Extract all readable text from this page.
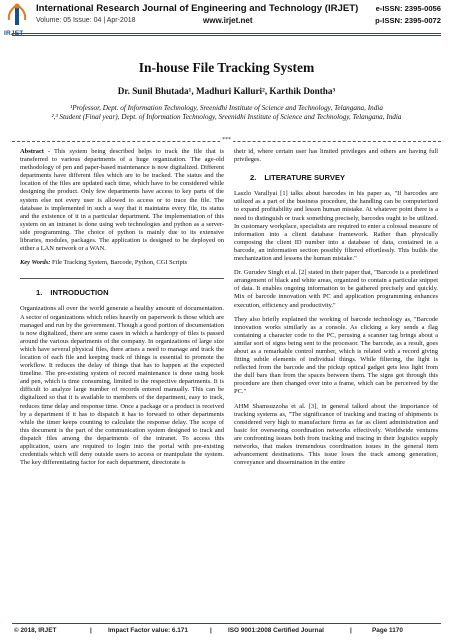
IRJET
International Research Journal of Engineering and Technology (IRJET)
Volume: 05 Issue: 04 | Apr-2018	www.irjet.net
e-ISSN: 2395-0056
p-ISSN: 2395-0072
In-house File Tracking System
Dr. Sunil Bhutada¹, Madhuri Kalluri², Karthik Dontha³
¹Professor, Dept. of Information Technology, Sreenidhi Institute of Science and Technology, Telangana, India
²,³ Student (Final year), Dept. of Information Technology, Sreenidhi Institute of Science and Technology, Telangana, India
***

Abstract - This system being described helps to track the file that is transferred to various departments of a huge organization. The age-old methodology of pen and paper-based maintenance is now digitalized. Different departments have different files which are to be tracked. The status and the location of the files are updated each time, which have to be considered while designing the product. Only few departments have access to key parts of the system else not every user is allowed to access or to trace the file. The database is implemented in such a way that it maintains every file, its status and the existence of it in a particular department. The implementation of this system on an intranet is done using web technologies and python as a server-side programming. The choice of python is mainly due to its extensive libraries, modules, packages. The application is designed to be deployed on either a LAN network or a WAN.

Key Words: File Tracking System, Barcode, Python, CGI Scripts

1. INTRODUCTION

Organizations all over the world generate a healthy amount of documentation. A sector of organizations which relies heavily on paperwork is those which are managed and run by the government. Though a good portion of documentation is now digitalized, there are some cases in which a hardcopy of files is passed around the various departments of the company. In organizations of large size which have several physical files, there arises a need to manage and track the location of each file and keeping track of things is essential to promote the workflow. It reduces the delay of things that has to happen at the expected timeline. The pre-existing system of record maintenance is done using book and pen, which is time consuming, limited to the respective departments. It is difficult to analyze large number of records entered manually. This can be digitalized so that it is available to members of the department, easy to track, reduces time delay and response time. Once a package or a product is received by a department if it has to dispatch it has to forward to other departments while the timer keeps counting to calculate the response delay. The scope of this document is the part of the communication system designed to track and dispatch files among the departments of the intranet. To access this application, users are required to login into the portal with pre-existing credentials which will deny outside users to access or manipulate the system. The key differentiating factor for each department, directorate is

their id, where certain user has limited privileges and others are having full privileges.

2. LITERATURE SURVEY

Laszlo Varallyai [1] talks about barcodes in his paper as, "If barcodes are utilized as a part of the business procedure, the handling can be computerized to expand profitability and lessen human mistake. At whatever point there is a need to distinguish or track something precisely, barcodes ought to be utilized. In customary workplace, specialists are required to enter a colossal measure of information into a client database framework. Rather than physically composing the client ID number into a database of data, contained in a barcode, an information section possibly filtered effortlessly. This builds the mechanization and lessens the human mistake."

Dr. Gurudev Singh et al. [2] stated in their paper that, "Barcode is a predefined arrangement of black and white areas, organized to contain a particular snippet of data. It enables ongoing information to be gathered precisely and quickly. Mix of barcode innovation with PC and application programming enhances execution, efficiency and productivity."

They also briefly explained the working of barcode technology as, "Barcode innovation works similarly as a console. As clicking a key sends a flag containing a character code to the PC, perusing a scanner tag brings about a similar sort of signs being sent to the processor. The barcode, as a result, goes about as a remarkable control number, which is related with a record giving fitting subtle elements of individual things. While filtering, the light is reflected from the barcode and the pickup optical gadget gets less light from the dull bars than from the spaces between them. The signs got through this procedure are then changed over into a frame, which can be perceived by the PC."

AHM Shamsuzzoha et al. [3], in general talked about the importance of tracking systems as, "The significance of tracking and tracing of shipments is considered very high to manufacture firms as far as client administration and basic for overseeing coordination networks effectively. Worldwide ventures are confronting issues both from tracking and tracing in their logistics supply networks, that makes tremendous coordination issues in the general item advancement destinations. This issue loses the track among generation, conveyance and dissemination in the entire

© 2018, IRJET	|	Impact Factor value: 6.171	|	ISO 9001:2008 Certified Journal	|	Page 1170
